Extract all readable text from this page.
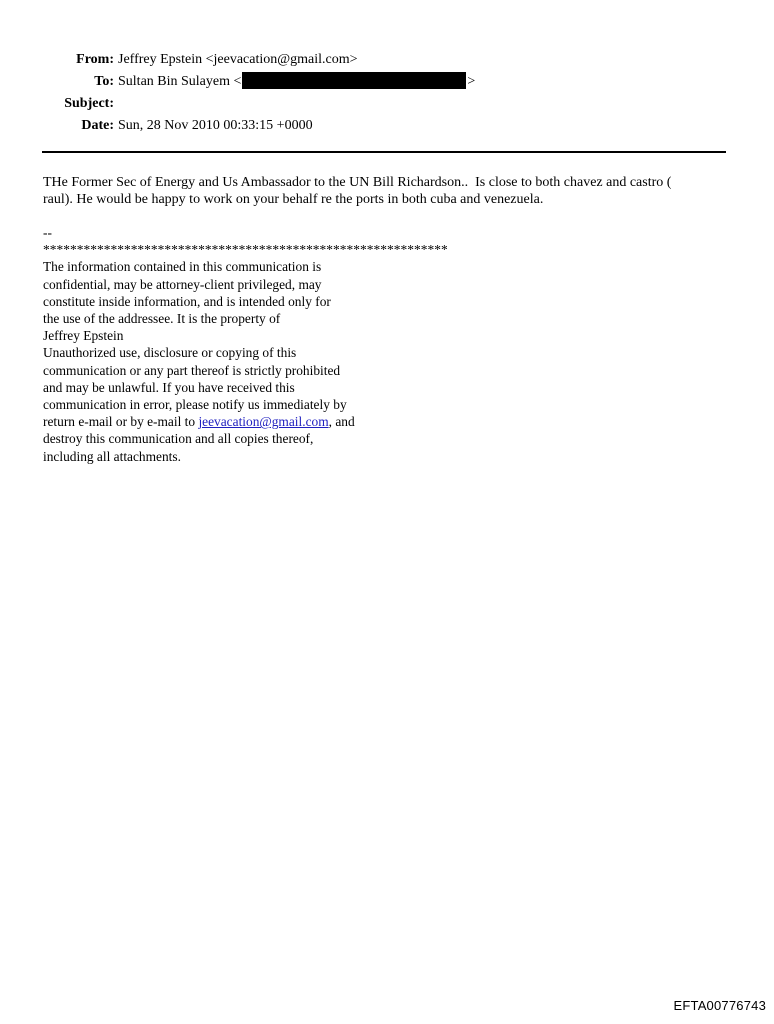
From: Jeffrey Epstein <jeevacation@gmail.com>
To: Sultan Bin Sulayem <	>
Subject:
Date: Sun, 28 Nov 2010 00:33:15 +0000
THe Former Sec of Energy and Us Ambassador to the UN Bill Richardson..  Is close to both chavez and castro (
raul). He would be happy to work on your behalf re the ports in both cuba and venezuela.
--
************************************************************
The information contained in this communication is
confidential, may be attorney-client privileged, may
constitute inside information, and is intended only for
the use of the addressee. It is the property of
Jeffrey Epstein
Unauthorized use, disclosure or copying of this
communication or any part thereof is strictly prohibited
and may be unlawful. If you have received this
communication in error, please notify us immediately by
return e-mail or by e-mail to jeevacation@gmail.com, and
destroy this communication and all copies thereof,
including all attachments.
EFTA00776743
